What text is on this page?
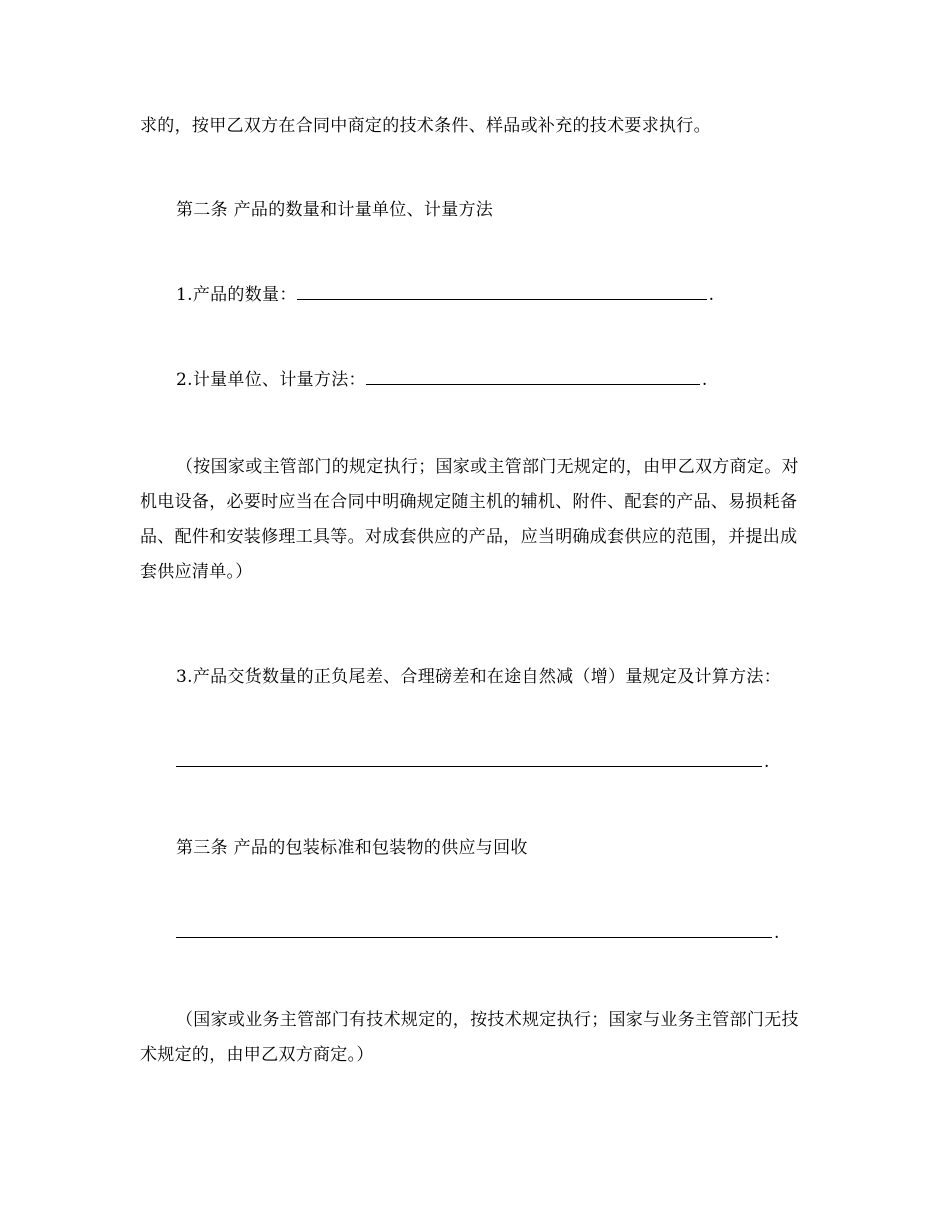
求的，按甲乙双方在合同中商定的技术条件、样品或补充的技术要求执行。
第二条 产品的数量和计量单位、计量方法
1.产品的数量：	.
2.计量单位、计量方法：	.
（按国家或主管部门的规定执行；国家或主管部门无规定的，由甲乙双方商定。对机电设备，必要时应当在合同中明确规定随主机的辅机、附件、配套的产品、易损耗备品、配件和安装修理工具等。对成套供应的产品，应当明确成套供应的范围，并提出成套供应清单。）
3.产品交货数量的正负尾差、合理磅差和在途自然减（增）量规定及计算方法：
.
第三条 产品的包装标准和包装物的供应与回收
.
（国家或业务主管部门有技术规定的，按技术规定执行；国家与业务主管部门无技术规定的，由甲乙双方商定。）
